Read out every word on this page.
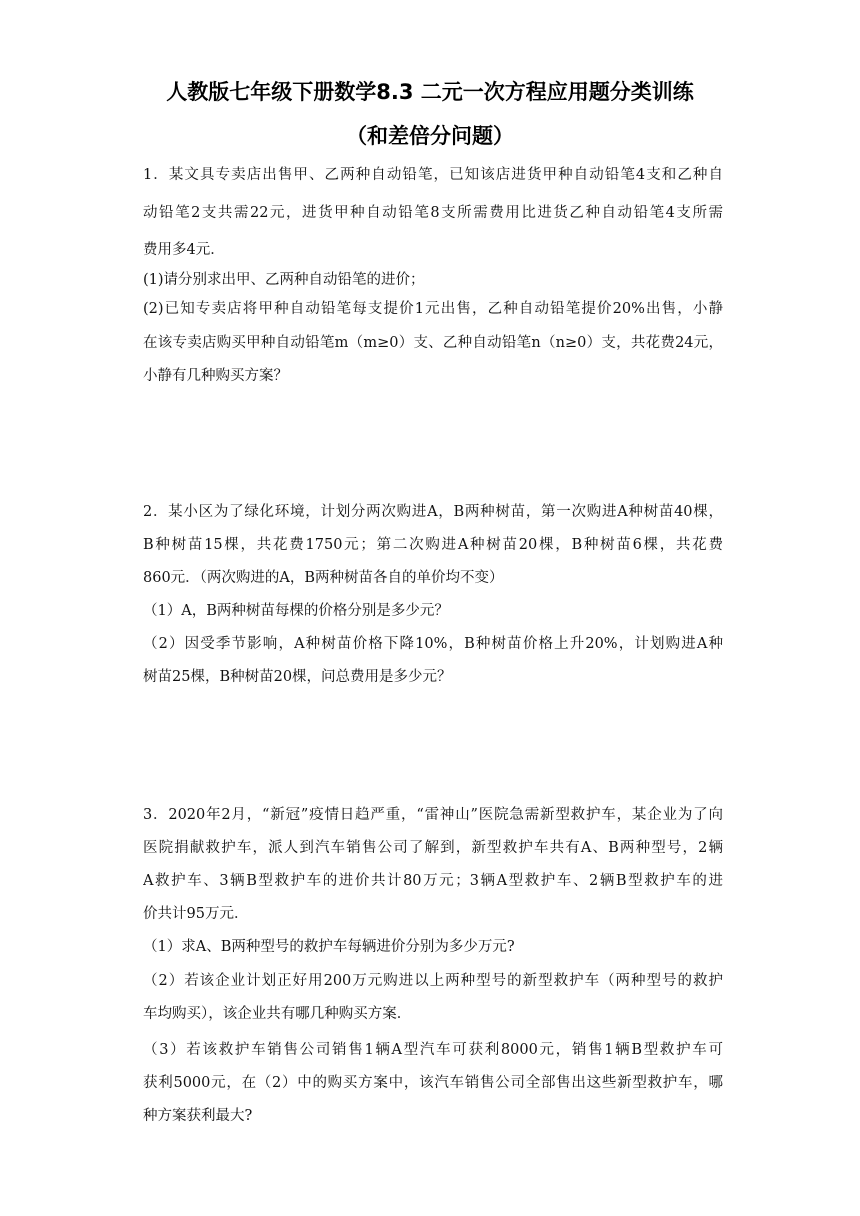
人教版七年级下册数学8.3 二元一次方程应用题分类训练
（和差倍分问题）
1．某文具专卖店出售甲、乙两种自动铅笔，已知该店进货甲种自动铅笔4支和乙种自
动铅笔2支共需22元，进货甲种自动铅笔8支所需费用比进货乙种自动铅笔4支所需
费用多4元．
(1)请分别求出甲、乙两种自动铅笔的进价；
(2)已知专卖店将甲种自动铅笔每支提价1元出售，乙种自动铅笔提价20%出售，小静
在该专卖店购买甲种自动铅笔m（m≥0）支、乙种自动铅笔n（n≥0）支，共花费24元，
小静有几种购买方案？
2．某小区为了绿化环境，计划分两次购进A，B两种树苗，第一次购进A种树苗40棵，
B种树苗15棵，共花费1750元；第二次购进A种树苗20棵，B种树苗6棵，共花费
860元．（两次购进的A，B两种树苗各自的单价均不变）
（1）A，B两种树苗每棵的价格分别是多少元？
（2）因受季节影响，A种树苗价格下降10%，B种树苗价格上升20%，计划购进A种
树苗25棵，B种树苗20棵，问总费用是多少元？
3．2020年2月，“新冠”疫情日趋严重，“雷神山”医院急需新型救护车，某企业为了向
医院捐献救护车，派人到汽车销售公司了解到，新型救护车共有A、B两种型号，2辆
A救护车、3辆B型救护车的进价共计80万元；3辆A型救护车、2辆B型救护车的进
价共计95万元．
（1）求A、B两种型号的救护车每辆进价分别为多少万元?
（2）若该企业计划正好用200万元购进以上两种型号的新型救护车（两种型号的救护
车均购买），该企业共有哪几种购买方案．
（3）若该救护车销售公司销售1辆A型汽车可获利8000元，销售1辆B型救护车可
获利5000元，在（2）中的购买方案中，该汽车销售公司全部售出这些新型救护车，哪
种方案获利最大?
